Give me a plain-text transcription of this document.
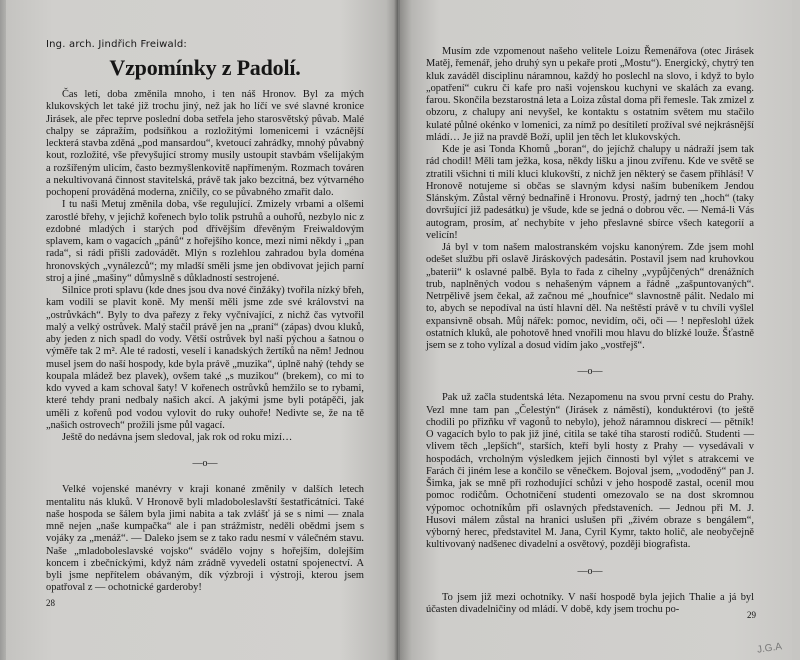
Ing. arch. Jindřich Freiwald:
Vzpomínky z Padolí.

Čas letí, doba změnila mnoho, i ten náš Hronov. Byl za mých klukovských let také již trochu jiný, než jak ho líčí ve své slavné kronice Jirásek, ale přec teprve poslední doba setřela jeho starosvětský půvab. Malé chalpy se zápražím, podsíňkou a rozložitými lomenicemi i vzácnější leckterá stavba zděná „pod mansardou“, kvetoucí zahrádky, mnohý půvabný kout, rozložité, vše převyšující stromy musily ustoupit stavbám všelijakým a rozšířeným ulicím, často bezmyšlenkovitě napřímeným. Rozmach továren a nekultivovaná činnost stavitelská, právě tak jako bezcitná, bez výtvarného pochopení prováděná moderna, zničily, co se půvabného zmařit dalo.

I tu naši Metuj změnila doba, vše regulující. Zmizely vrbami a olšemi zarostlé břehy, v jejichž kořenech bylo tolik pstruhů a ouhořů, nezbylo nic z ezdobné mladých i starých pod dřívějším dřevěným Freiwaldovým splavem, kam o vagacích „pánů“ z hořejšího konce, mezi nimi někdy i „pan rada“, si rádi přišli zadovádět. Mlýn s rozlehlou zahradou byla doména hronovských „vynálezců“; my mladší směli jsme jen obdivovat jejich parní stroj a jiné „mašiny“ důmyslně s důkladností sestrojené.

Silnice proti splavu (kde dnes jsou dva nové činžáky) tvořila nízký břeh, kam vodili se plavit koně. My menší měli jsme zde své královstvi na „ostrůvkách“. Byly to dva pařezy z řeky vyčnívající, z nichž čas vytvořil malý a velký ostrůvek. Malý stačil právě jen na „praní“ (zápas) dvou kluků, aby jeden z nich spadl do vody. Větší ostrůvek byl naší pýchou a šatnou o výměře tak 2 m². Ale té radosti, veselí i kanadských žertíků na něm! Jednou musel jsem do naší hospody, kde byla právě „muzika“, úplně nahý (tehdy se koupala mládež bez plavek), ovšem také „s muzikou“ (brekem), co mi to kdo vyved a kam schoval šaty! V kořenech ostrůvků hemžilo se to rybami, které tehdy prani nedbaly našich akcí. A jakými jsme byli potápěči, jak uměli z kořenů pod vodou vylovit do ruky ouhoře! Nedivte se, že na tě „našich ostrovech“ prožili jsme půl vagací.

Ještě do nedávna jsem sledoval, jak rok od roku mizí…

—o—

Velké vojenské manévry v kraji konané změnily v dalších letech mentalitu nás kluků. V Hronově byli mladoboleslavští šestatřicátníci. Také naše hospoda se šálem byla jimi nabita a tak zvlášť já se s nimi — znala mně nejen „naše kumpačka“ ale i pan strážmistr, neděli obědmi jsem s vojáky za „menáž“. — Daleko jsem se z tako radu nesmí v válečném stavu. Naše „mladoboleslavské vojsko“ svádělo vojny s hořejším, dolejším koncem i zbečníckými, když nám zrádně vyvedeli ostatní spojenectví. A byli jsme nepřítelem obávaným, dík výzbroji i výstroji, kterou jsem opatřoval z — ochotnické garderoby!

28

Musím zde vzpomenout našeho velitele Loizu Řemenářova (otec Jirásek Matěj, řemenář, jeho druhý syn u pekaře proti „Mostu“). Energický, chytrý ten kluk zaváděl disciplinu náramnou, každý ho poslechl na slovo, i když to bylo „opatření“ cukru či kafe pro naši vojenskou kuchyni ve skalách za evang. farou. Skončila bezstarostná leta a Loiza zůstal doma při řemesle. Tak zmizel z obzoru, z chalupy ani nevyšel, ke kontaktu s ostatním světem mu stačilo kulaté půlné okénko v lomenici, za nímž po desítiletí prožíval své nejkrásnější mládí… Je již na pravdě Boží, uplil jen těch let klukovských.

Kde je asi Tonda Khomů „boran“, do jejíchž chalupy u nádraží jsem tak rád chodil! Měli tam ježka, kosa, někdy lišku a jinou zvířenu. Kde ve světě se ztratili všichni ti milí kluci klukovští, z nichž jen některý se časem přihlásí! V Hronově notujeme si občas se slavným kdysi naším bubeníkem Jendou Slánským. Zůstal věrný bednařině i Hronovu. Prostý, jadrný ten „hoch“ (taky dovršující již padesátku) je všude, kde se jedná o dobrou věc. — Nemá-li Vás autogram, prosím, ať nechybíte v jeho přeslavné sbírce všech kategorií a velicín!

Já byl v tom našem malostranském vojsku kanonýrem. Zde jsem mohl odešet službu při oslavě Jiráskových padesátin. Postavil jsem nad kruhovkou „baterii“ k oslavné palbě. Byla to řada z cihelny „vypůjčených“ drenážních trub, naplněných vodou s nehašeným vápnem a řádně „zašpuntovaných“. Netrpělivě jsem čekal, až začnou mé „houfnice“ slavnostně pálit. Nedalo mi to, abych se nepodíval na ústí hlavní děl. Na neštěstí právě v tu chvíli vyšlel expansivně obsah. Můj nářek: pomoc, nevidím, oči, oči — ! nepřeslohl úžek ostatních kluků, ale pohotově hned vnořili mou hlavu do blízké louže. Šťastně jsem se z toho vylízal a dosud vidím jako „vostřejš“.

—o—

Pak už začla studentská léta. Nezapomenu na svou první cestu do Prahy. Vezl mne tam pan „Čelestýn“ (Jirásek z náměstí), konduktérovi (to ještě chodili po přizňku vř vagonů to nebylo), jehož náramnou diskrecí — pětník! O vagacích bylo to pak již jiné, citila se také tíha starostí rodičů. Studenti — vlivem těch „lepších“, starších, kteří byli hosty z Prahy — vysedávali v hospodách, vrcholným výsledkem jejich činnosti byl výlet s atrakcemi ve Farách či jiném lese a končilo se věnečkem. Bojoval jsem, „vododěný“ pan J. Šimka, jak se mně při rozhodující schůzi v jeho hospodě zastal, ocenil mou pomoc rodičům. Ochotničení studenti omezovalo se na dost skromnou výpomoc ochotníkům při oslavných představeních. — Jednou při M. J. Husovi málem zůstal na hranici uslušen při „živém obraze s bengálem“, výborný herec, představitel M. Jana, Cyril Kymr, takto holič, ale neobyčejně kultivovaný nadšenec divadelní a osvětový, později biografista.

—o—

To jsem již mezi ochotníky. V naší hospodě byla jejich Thalie a já byl účasten divadelničiny od mládí. V době, kdy jsem trochu po-

29
J.G.A
